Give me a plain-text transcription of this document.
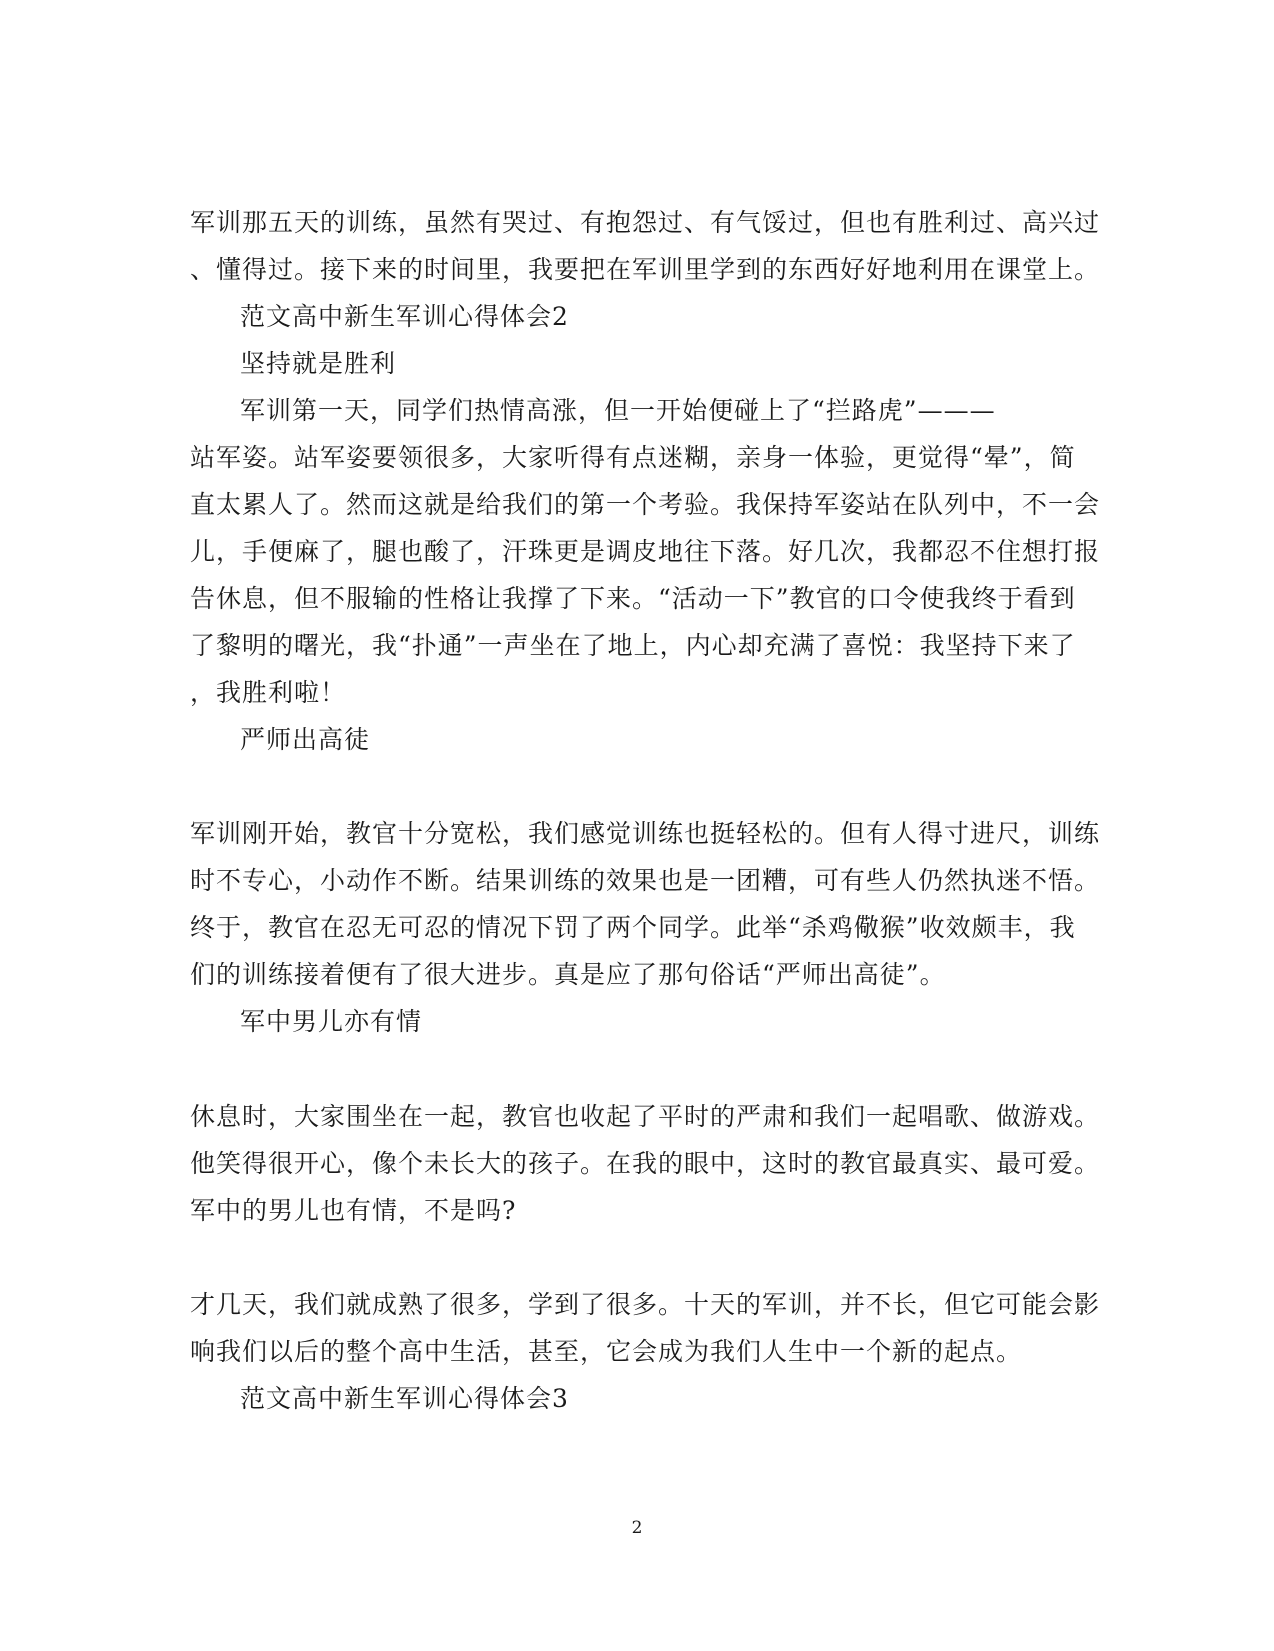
军训那五天的训练，虽然有哭过、有抱怨过、有气馁过，但也有胜利过、高兴过
、懂得过。接下来的时间里，我要把在军训里学到的东西好好地利用在课堂上。
范文高中新生军训心得体会2
坚持就是胜利
军训第一天，同学们热情高涨，但一开始便碰上了“拦路虎”———
站军姿。站军姿要领很多，大家听得有点迷糊，亲身一体验，更觉得“晕”，简
直太累人了。然而这就是给我们的第一个考验。我保持军姿站在队列中，不一会
儿，手便麻了，腿也酸了，汗珠更是调皮地往下落。好几次，我都忍不住想打报
告休息，但不服输的性格让我撑了下来。“活动一下”教官的口令使我终于看到
了黎明的曙光，我“扑通”一声坐在了地上，内心却充满了喜悦：我坚持下来了
，我胜利啦！
严师出高徒
军训刚开始，教官十分宽松，我们感觉训练也挺轻松的。但有人得寸进尺，训练
时不专心，小动作不断。结果训练的效果也是一团糟，可有些人仍然执迷不悟。
终于，教官在忍无可忍的情况下罚了两个同学。此举“杀鸡儆猴”收效颇丰，我
们的训练接着便有了很大进步。真是应了那句俗话“严师出高徒”。
军中男儿亦有情
休息时，大家围坐在一起，教官也收起了平时的严肃和我们一起唱歌、做游戏。
他笑得很开心，像个未长大的孩子。在我的眼中，这时的教官最真实、最可爱。
军中的男儿也有情，不是吗?
才几天，我们就成熟了很多，学到了很多。十天的军训，并不长，但它可能会影
响我们以后的整个高中生活，甚至，它会成为我们人生中一个新的起点。
范文高中新生军训心得体会3
2
